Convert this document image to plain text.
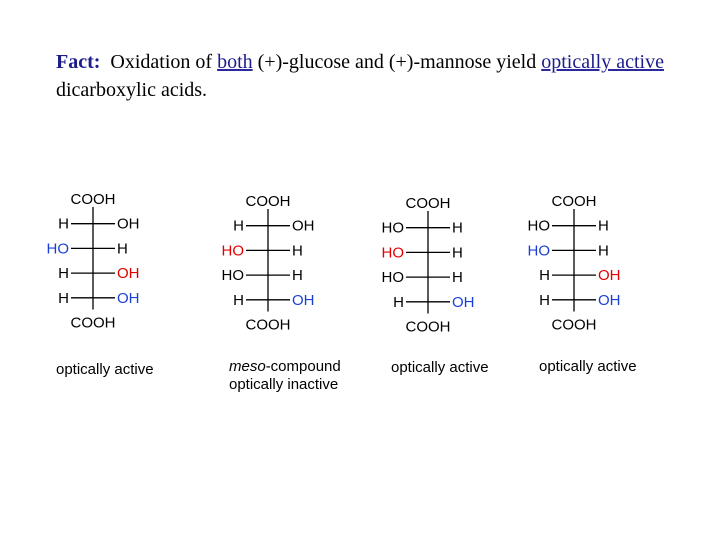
Fact: Oxidation of both (+)-glucose and (+)-mannose yield optically active dicarboxylic acids.
COOH
COOH
H	OH
HO	H
H	OH
H	OH
COOH
COOH
H	OH
HO	H
HO	H
H	OH
COOH
COOH
HO	H
HO	H
HO	H
H	OH
COOH
COOH
HO	H
HO	H
H	OH
H	OH
optically active	meso-compound
optically inactive
optically active	optically active
